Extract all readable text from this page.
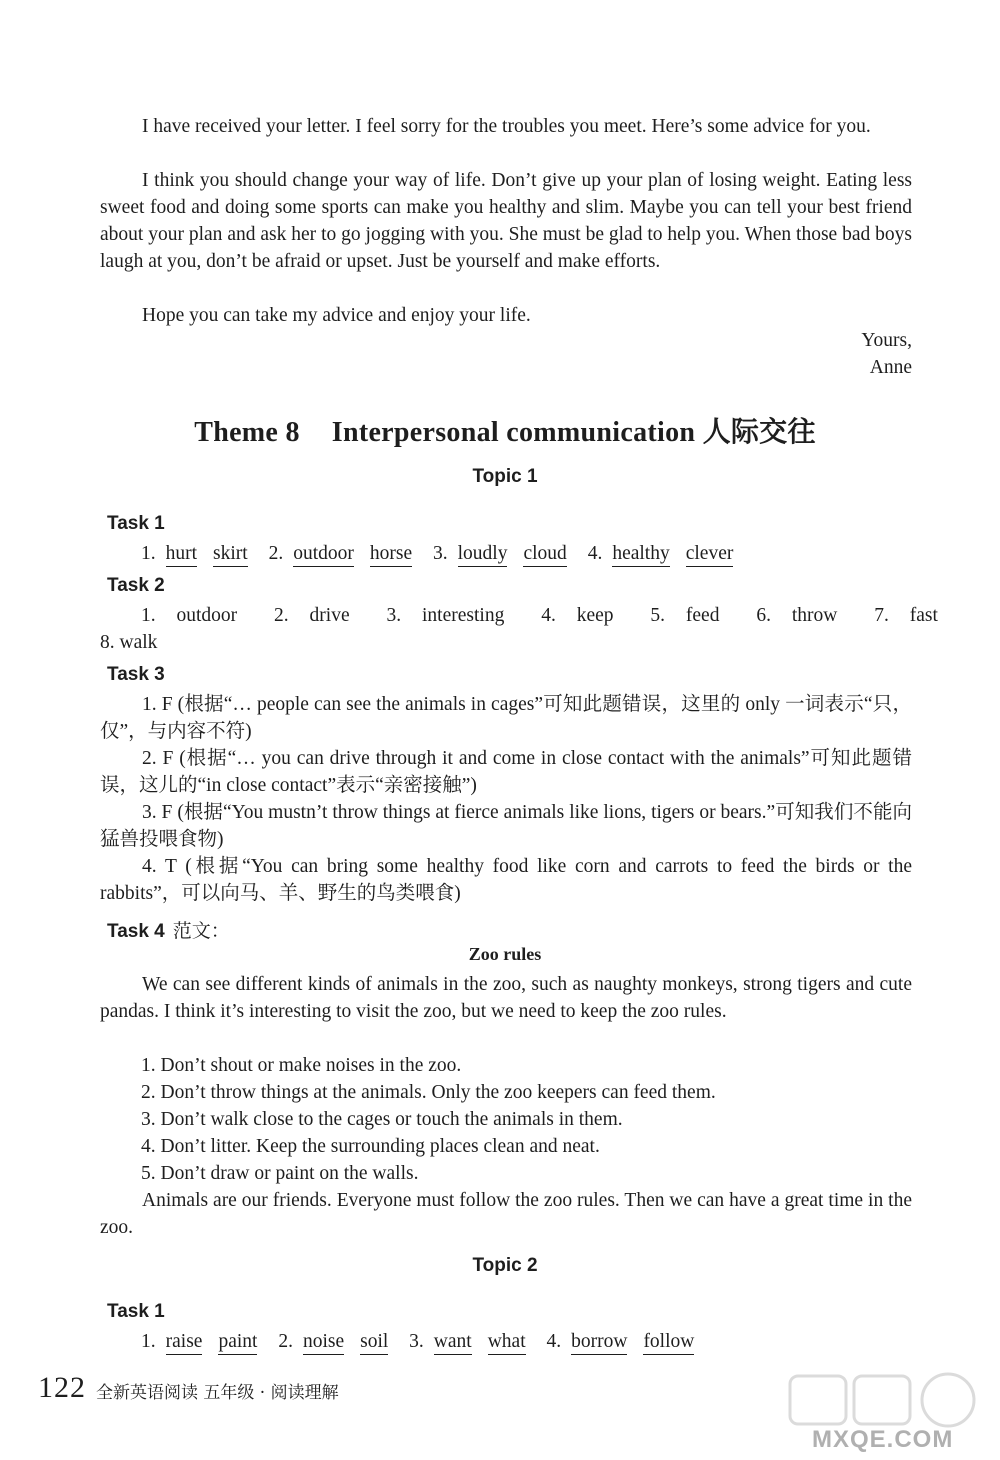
I have received your letter. I feel sorry for the troubles you meet. Here’s some advice for you.
I think you should change your way of life. Don’t give up your plan of losing weight. Eating less sweet food and doing some sports can make you healthy and slim. Maybe you can tell your best friend about your plan and ask her to go jogging with you. She must be glad to help you. When those bad boys laugh at you, don’t be afraid or upset. Just be yourself and make efforts.
Hope you can take my advice and enjoy your life.
Yours,
Anne
Theme 8 Interpersonal communication 人际交往
Topic 1
Task 1
1. hurt skirt 2. outdoor horse 3. loudly cloud 4. healthy clever
Task 2
1. outdoor 2. drive 3. interesting 4. keep 5. feed 6. throw 7. fast
8. walk
Task 3
1. F (根据“… people can see the animals in cages”可知此题错误，这里的 only 一词表示“只，仅”，与内容不符)
2. F (根据“… you can drive through it and come in close contact with the animals”可知此题错误，这儿的“in close contact”表示“亲密接触”)
3. F (根据“You mustn’t throw things at fierce animals like lions, tigers or bears.”可知我们不能向猛兽投喂食物)
4. T (根据“You can bring some healthy food like corn and carrots to feed the birds or the rabbits”，可以向马、羊、野生的鸟类喂食)
Task 4 范文：
Zoo rules
We can see different kinds of animals in the zoo, such as naughty monkeys, strong tigers and cute pandas. I think it’s interesting to visit the zoo, but we need to keep the zoo rules.
1. Don’t shout or make noises in the zoo.
2. Don’t throw things at the animals. Only the zoo keepers can feed them.
3. Don’t walk close to the cages or touch the animals in them.
4. Don’t litter. Keep the surrounding places clean and neat.
5. Don’t draw or paint on the walls.
Animals are our friends. Everyone must follow the zoo rules. Then we can have a great time in the zoo.
Topic 2
Task 1
1. raise paint 2. noise soil 3. want what 4. borrow follow
122 全新英语阅读 五年级 · 阅读理解
MXQE.COM
